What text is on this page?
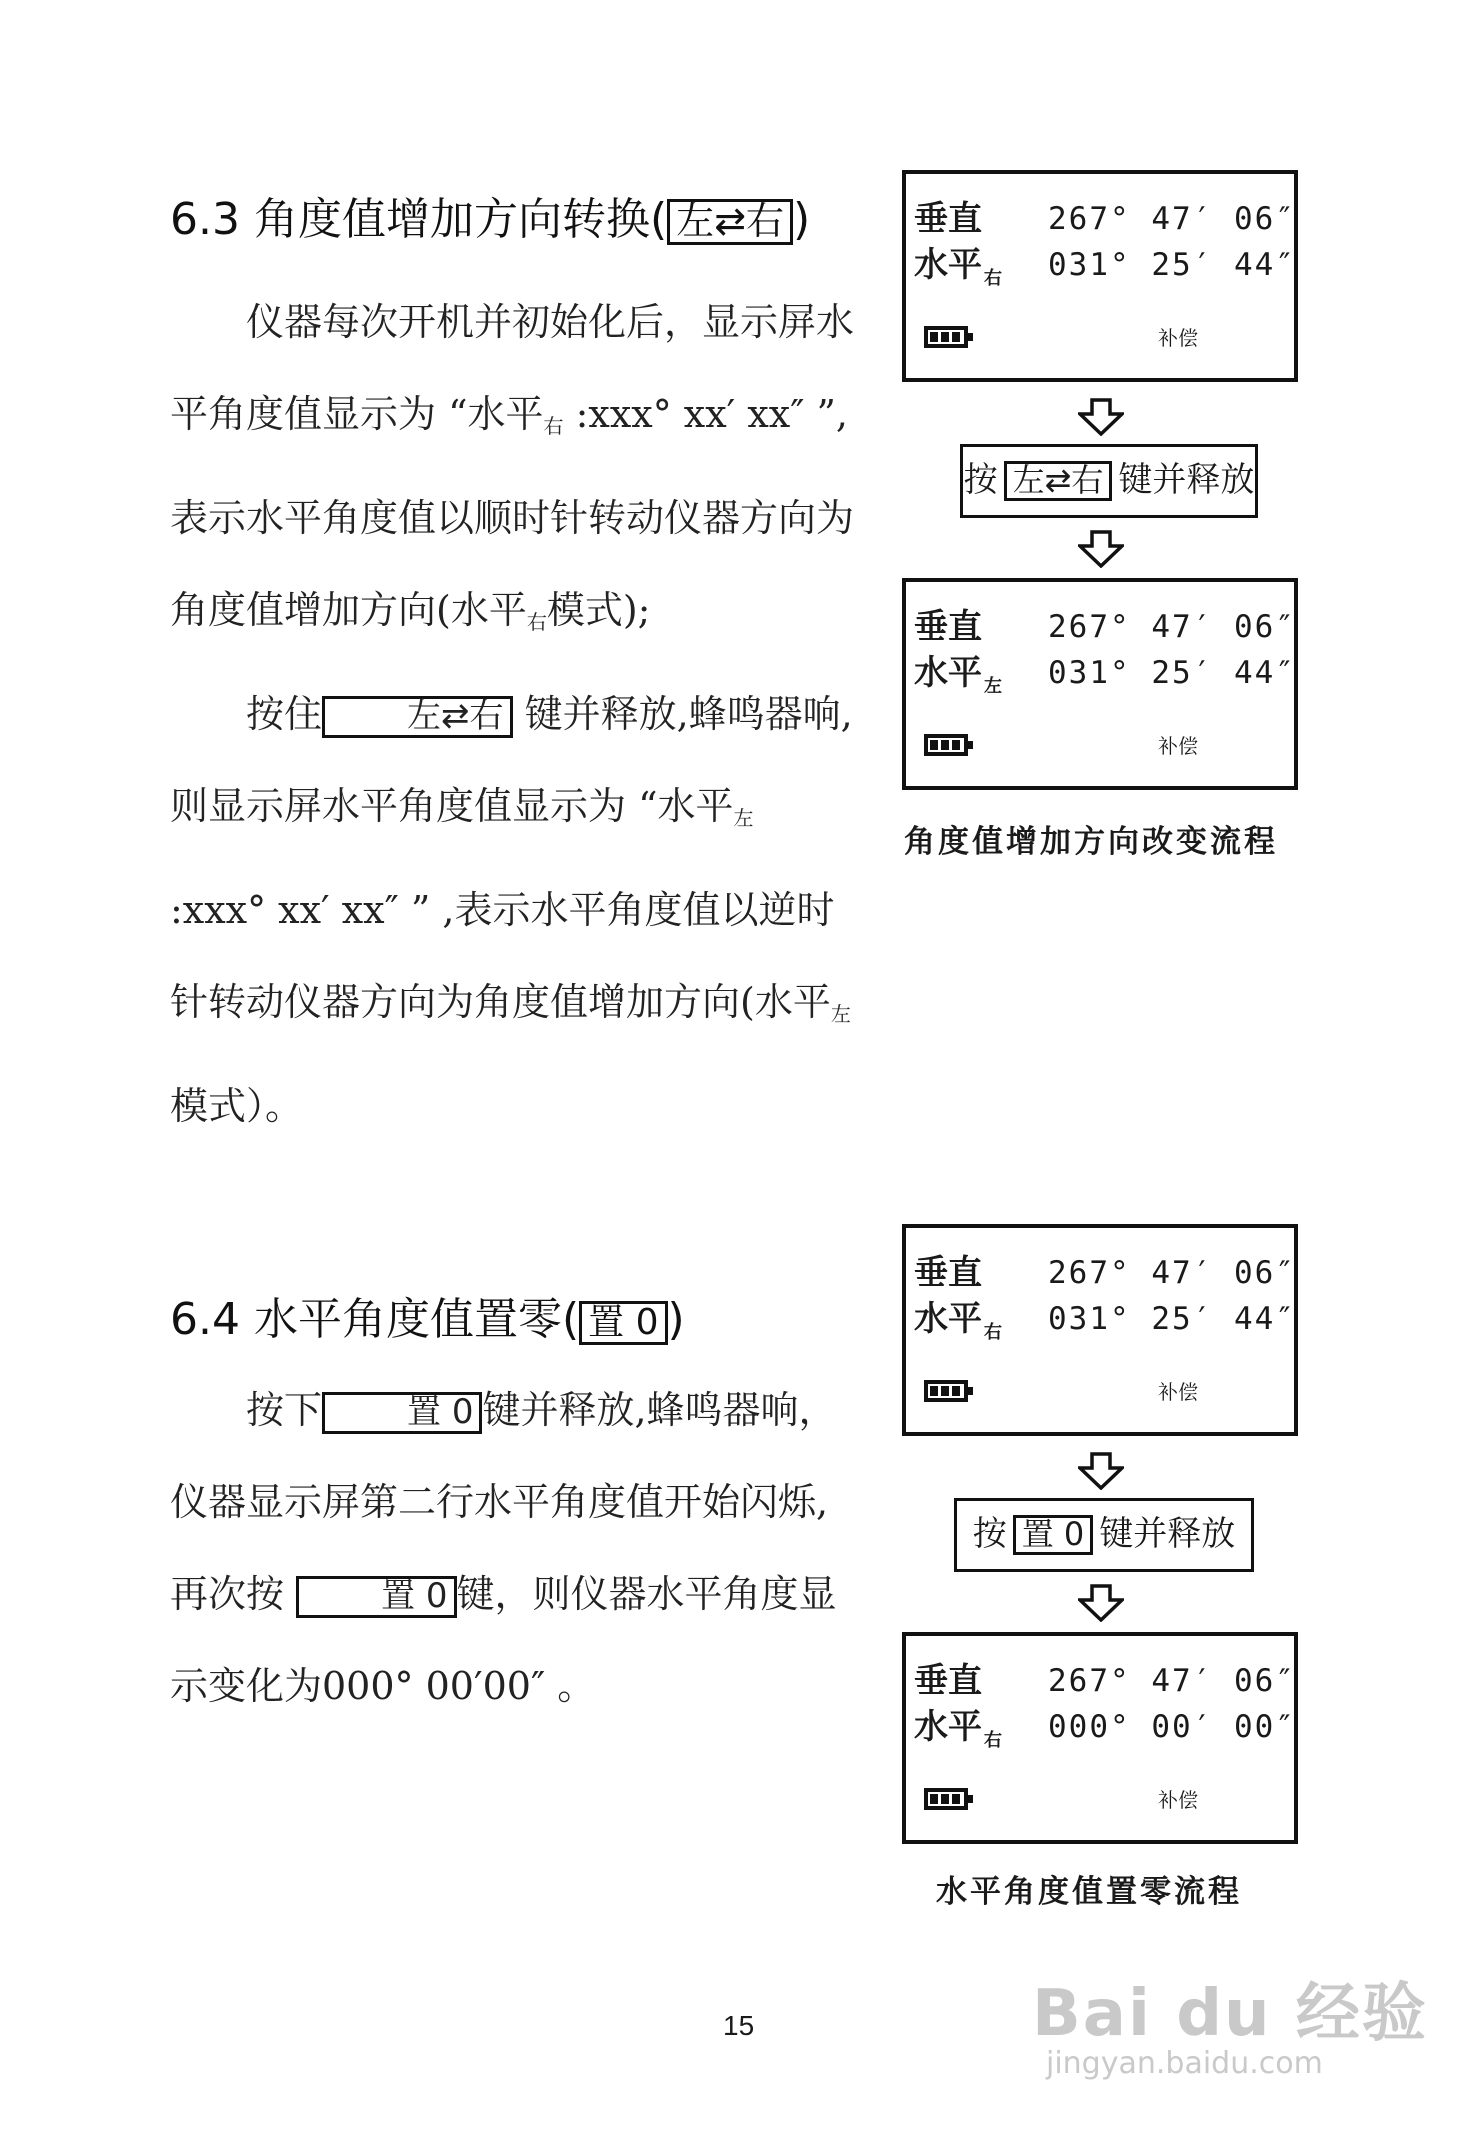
6.3 角度值增加方向转换( 左⇄右 )

仪器每次开机并初始化后，显示屏水平角度值显示为 “水平$_右$ :xxx° xx′ xx″ ”,表示水平角度值以顺时针转动仪器方向为角度值增加方向(水平$_右$模式);

按住	左⇄右 键并释放,蜂鸣器响,则显示屏水平角度值显示为 “水平$_左$ :xxx° xx′ xx″ ” ,表示水平角度值以逆时针转动仪器方向为角度值增加方向(水平$_左$模式）。

垂直 267° 47′ 06″
水平 $_右$ 031° 25′ 44″
补偿
按 左⇄右 键并释放
垂直 267° 47′ 06″
水平 $_左$ 031° 25′ 44″
补偿
角度值增加方向改变流程
6.4 水平角度值置零( 置 0 )

按下	置 0 键并释放,蜂鸣器响，仪器显示屏第二行水平角度值开始闪烁,再次按	置 0 键，则仪器水平角度显示变化为000° 00′00″ 。

垂直 267° 47′ 06″
水平 $_右$ 031° 25′ 44″
补偿
按 置 0 键并释放
垂直 267° 47′ 06″
水平 $_右$ 000° 00′ 00″
补偿
水平角度值置零流程
15	Bai du 经验
jingyan.baidu.com
